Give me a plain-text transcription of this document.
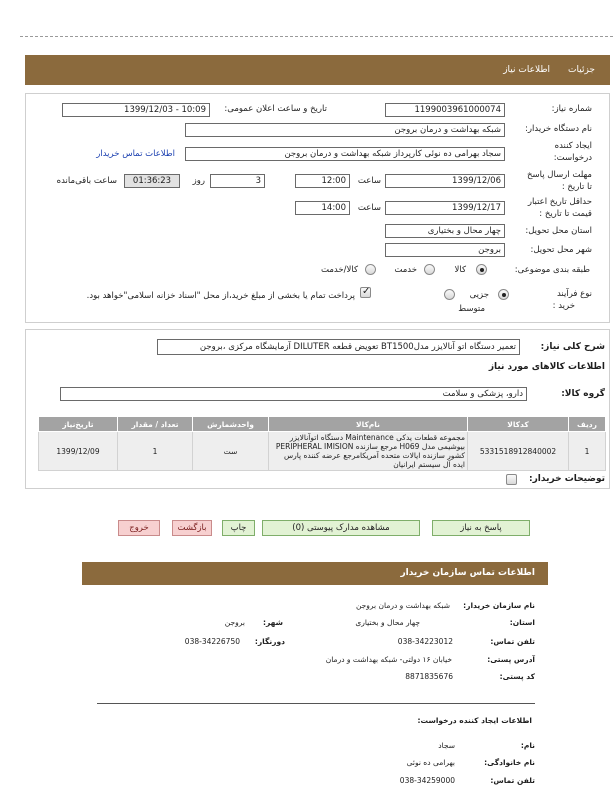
جزئیات
اطلاعات نیاز
شماره نیاز:
1199003961000074
تاریخ و ساعت اعلان عمومی:
1399/12/03 - 10:09
نام دستگاه خریدار:
شبکه بهداشت و درمان بروجن
ایجاد کننده
درخواست:
سجاد بهرامی ده نوئی کارپرداز شبکه بهداشت و درمان بروجن
اطلاعات تماس خریدار
مهلت ارسال پاسخ
تا تاریخ :
1399/12/06
ساعت
12:00
3
روز
01:36:23
ساعت باقی‌مانده
حداقل تاریخ اعتبار
قیمت تا تاریخ :
1399/12/17
ساعت
14:00
استان محل تحویل:
چهار محال و بختیاری
شهر محل تحویل:
بروجن
طبقه بندی موضوعی:
کالا
خدمت
کالا/خدمت
نوع فرآیند
خرید :
جزیی
متوسط
✓
پرداخت تمام یا بخشی از مبلغ خرید،از محل "اسناد خزانه اسلامی"خواهد بود.
شرح کلی نیاز:
تعمیر دستگاه اتو آنالایزر مدلBT1500 تعویض قطعه DILUTER آزمایشگاه مرکزی ،بروجن
اطلاعات کالاهای مورد نیاز
گروه کالا:
دارو، پزشکی و سلامت
ردیف	کدکالا	نام‌کالا	واحدشمارش	تعداد / مقدار	تاریخ‌نیاز
1	5331518912840002	مجموعه قطعات یدکی Maintenance دستگاه اتوآنالایزر بیوشیمی مدل H069 مرجع سازنده PERIPHERAL IMISION کشور سازنده ایالات متحده آمریکامرجع عرضه کننده پارس ایده آل سیستم ایرانیان	ست	1	1399/12/09
توضیحات خریدار:
پاسخ به نیاز
مشاهده مدارک پیوستی (0)
چاپ
بازگشت
خروج
اطلاعات تماس سازمان خریدار
نام سازمان خریدار:
شبکه بهداشت و درمان بروجن
استان:
چهار محال و بختیاری
شهر:
بروجن
تلفن تماس:
038-34223012
دورنگار:
038-34226750
آدرس پستی:
خیابان ۱۶ دولتی- شبکه بهداشت و درمان
کد پستی:
8871835676
اطلاعات ایجاد کننده درخواست:
نام:
سجاد
نام خانوادگی:
بهرامی ده نوئی
تلفن تماس:
038-34259000
